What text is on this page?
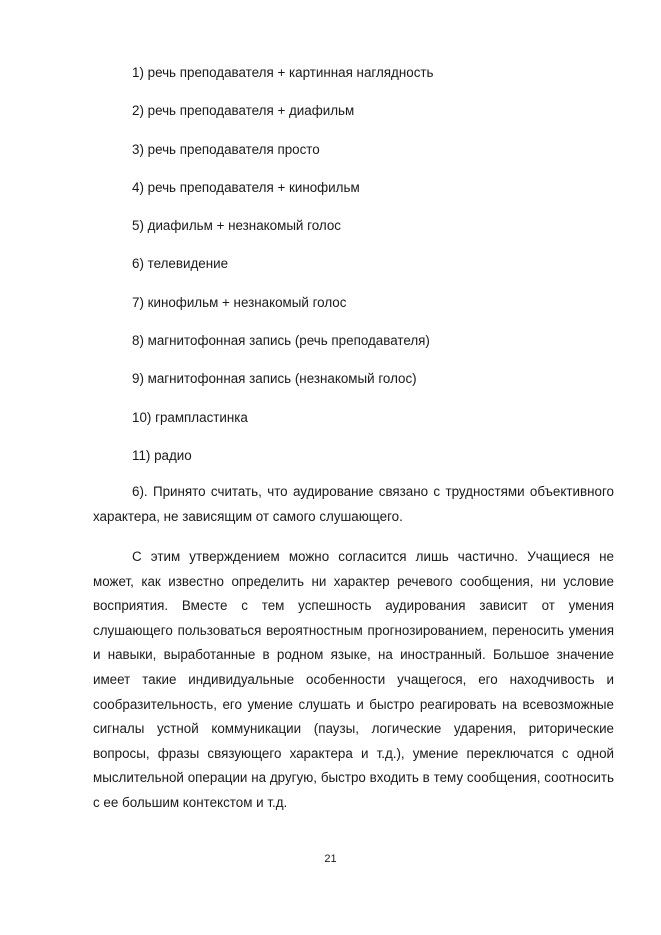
1) речь преподавателя + картинная наглядность
2) речь преподавателя + диафильм
3) речь преподавателя просто
4) речь преподавателя + кинофильм
5) диафильм + незнакомый голос
6) телевидение
7) кинофильм + незнакомый голос
8) магнитофонная запись (речь преподавателя)
9) магнитофонная запись (незнакомый голос)
10) грампластинка
11) радио

6). Принято считать, что аудирование связано с трудностями объективного характера, не зависящим от самого слушающего.

С этим утверждением можно согласится лишь частично. Учащиеся не может, как известно определить ни характер речевого сообщения, ни условие восприятия. Вместе с тем успешность аудирования зависит от умения слушающего пользоваться вероятностным прогнозированием, переносить умения и навыки, выработанные в родном языке, на иностранный. Большое значение имеет такие индивидуальные особенности учащегося, его находчивость и сообразительность, его умение слушать и быстро реагировать на всевозможные сигналы устной коммуникации (паузы, логические ударения, риторические вопросы, фразы связующего характера и т.д.), умение переключатся с одной мыслительной операции на другую, быстро входить в тему сообщения, соотносить с ее большим контекстом и т.д.

21
